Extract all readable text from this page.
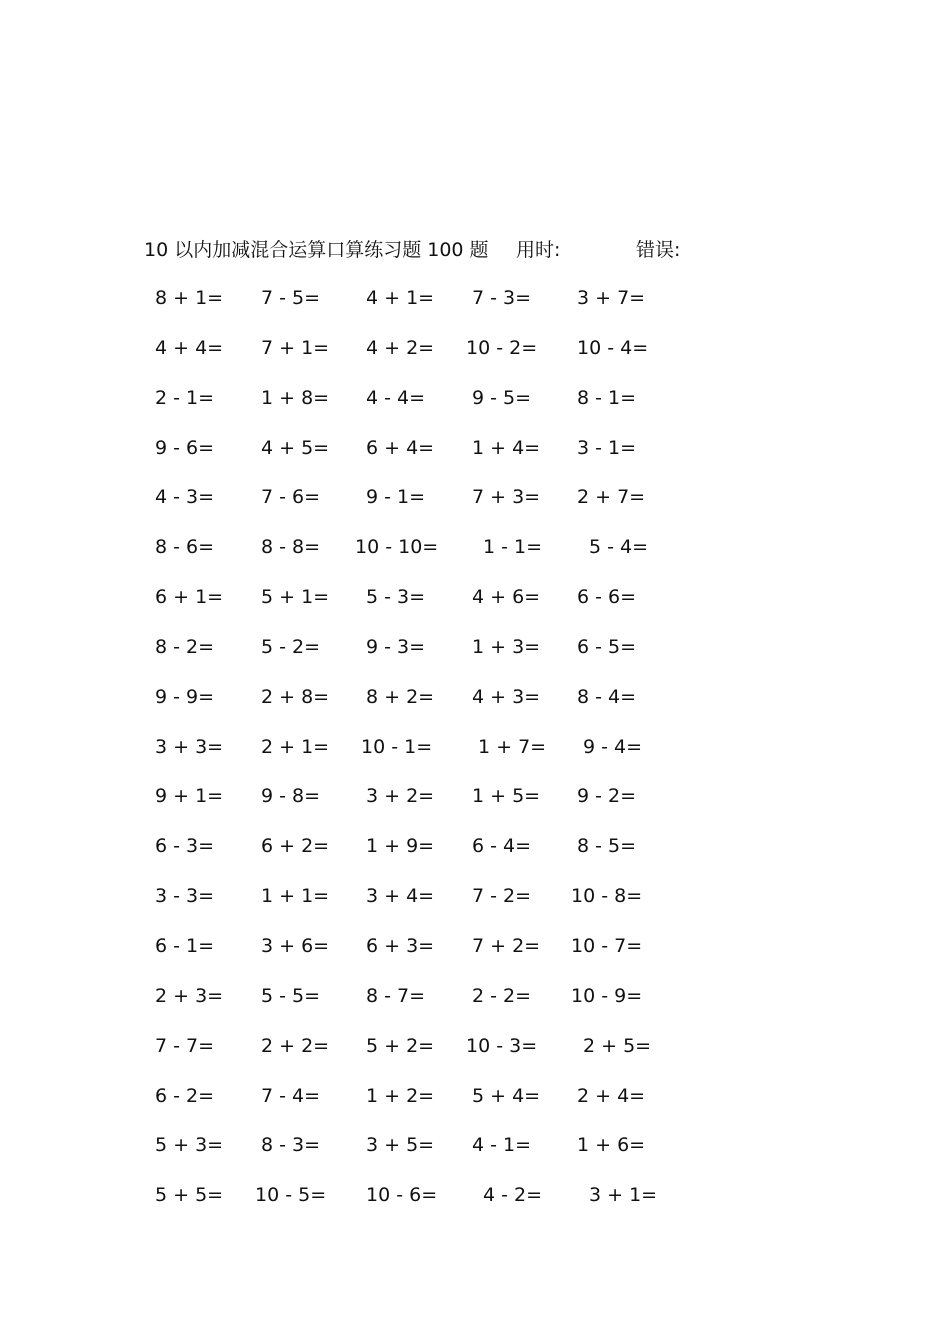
10 以内加减混合运算口算练习题 100 题 用时:	错误:
8 + 1= 7 - 5= 4 + 1= 7 - 3= 3 + 7=
4 + 4= 7 + 1= 4 + 2= 10 - 2= 10 - 4=
2 - 1= 1 + 8= 4 - 4= 9 - 5= 8 - 1=
9 - 6= 4 + 5= 6 + 4= 1 + 4= 3 - 1=
4 - 3= 7 - 6= 9 - 1= 7 + 3= 2 + 7=
8 - 6= 8 - 8= 10 - 10= 1 - 1= 5 - 4=
6 + 1= 5 + 1= 5 - 3= 4 + 6= 6 - 6=
8 - 2= 5 - 2= 9 - 3= 1 + 3= 6 - 5=
9 - 9= 2 + 8= 8 + 2= 4 + 3= 8 - 4=
3 + 3= 2 + 1= 10 - 1= 1 + 7= 9 - 4=
9 + 1= 9 - 8= 3 + 2= 1 + 5= 9 - 2=
6 - 3= 6 + 2= 1 + 9= 6 - 4= 8 - 5=
3 - 3= 1 + 1= 3 + 4= 7 - 2= 10 - 8=
6 - 1= 3 + 6= 6 + 3= 7 + 2= 10 - 7=
2 + 3= 5 - 5= 8 - 7= 2 - 2= 10 - 9=
7 - 7= 2 + 2= 5 + 2= 10 - 3= 2 + 5=
6 - 2= 7 - 4= 1 + 2= 5 + 4= 2 + 4=
5 + 3= 8 - 3= 3 + 5= 4 - 1= 1 + 6=
5 + 5= 10 - 5= 10 - 6= 4 - 2= 3 + 1=
